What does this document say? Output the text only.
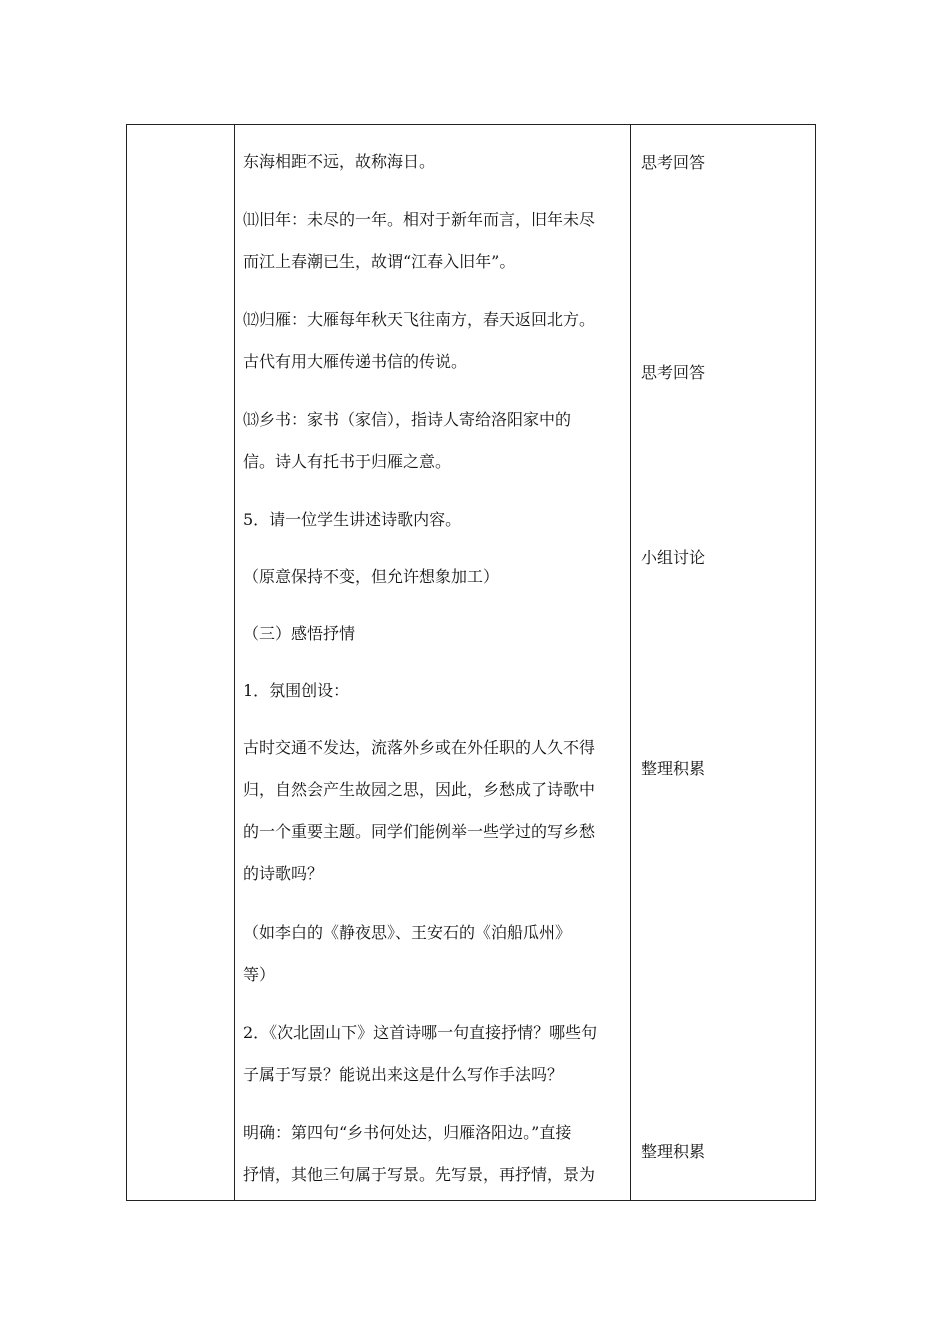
东海相距不远，故称海日。
⑾旧年：未尽的一年。相对于新年而言，旧年未尽
而江上春潮已生，故谓“江春入旧年”。
⑿归雁：大雁每年秋天飞往南方，春天返回北方。
古代有用大雁传递书信的传说。
⒀乡书：家书（家信），指诗人寄给洛阳家中的
信。诗人有托书于归雁之意。
5．请一位学生讲述诗歌内容。
（原意保持不变，但允许想象加工）
（三）感悟抒情
1．氛围创设：
古时交通不发达，流落外乡或在外任职的人久不得
归，自然会产生故园之思，因此，乡愁成了诗歌中
的一个重要主题。同学们能例举一些学过的写乡愁
的诗歌吗？
（如李白的《静夜思》、王安石的《泊船瓜州》
等）
2．《次北固山下》这首诗哪一句直接抒情？哪些句
子属于写景？能说出来这是什么写作手法吗？
明确：第四句“乡书何处达，归雁洛阳边。”直接
抒情，其他三句属于写景。先写景，再抒情，景为
思考回答
思考回答
小组讨论
整理积累
整理积累
